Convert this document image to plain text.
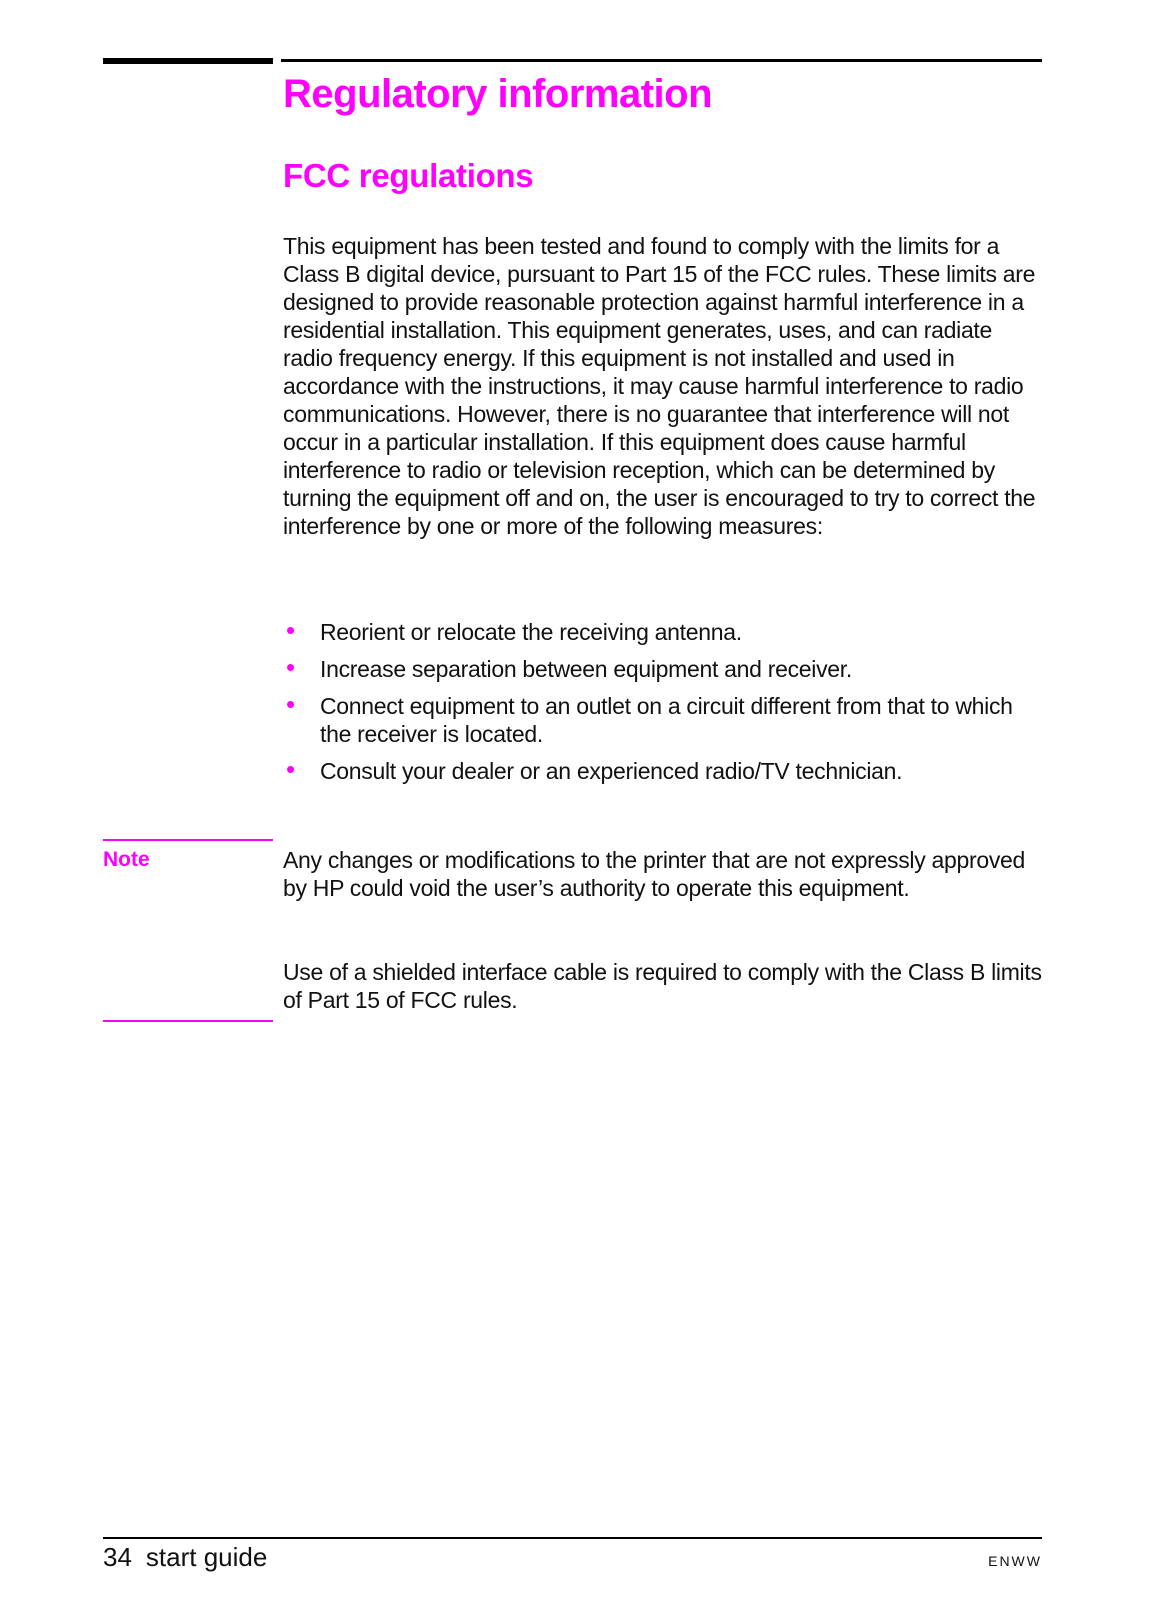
Regulatory information
FCC regulations

This equipment has been tested and found to comply with the limits for a Class B digital device, pursuant to Part 15 of the FCC rules. These limits are designed to provide reasonable protection against harmful interference in a residential installation. This equipment generates, uses, and can radiate radio frequency energy. If this equipment is not installed and used in accordance with the instructions, it may cause harmful interference to radio communications. However, there is no guarantee that interference will not occur in a particular installation. If this equipment does cause harmful interference to radio or television reception, which can be determined by turning the equipment off and on, the user is encouraged to try to correct the interference by one or more of the following measures:

• Reorient or relocate the receiving antenna.
• Increase separation between equipment and receiver.
• Connect equipment to an outlet on a circuit different from that to which the receiver is located.
• Consult your dealer or an experienced radio/TV technician.

Note	Any changes or modifications to the printer that are not expressly approved by HP could void the user’s authority to operate this equipment.

Use of a shielded interface cable is required to comply with the Class B limits of Part 15 of FCC rules.

34 start guide	ENWW
